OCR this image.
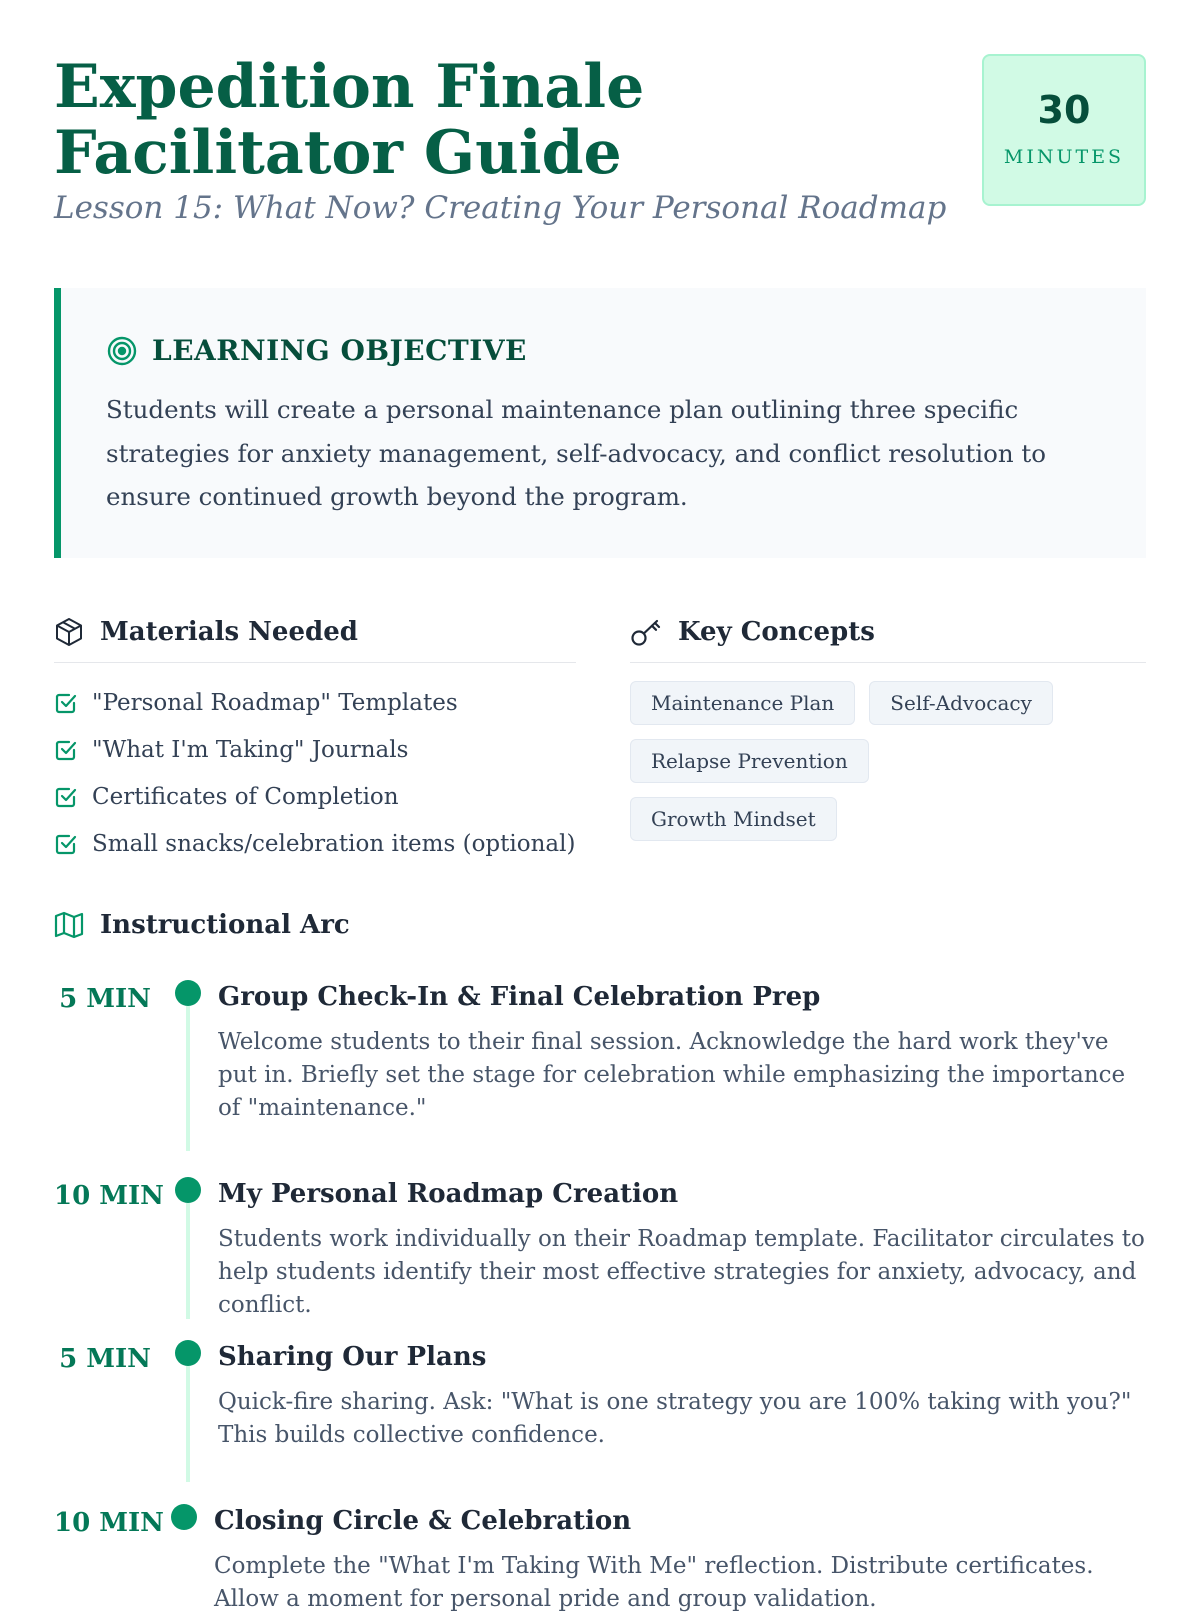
Expedition Finale Facilitator Guide
Lesson 15: What Now? Creating Your Personal Roadmap
30
MINUTES
LEARNING OBJECTIVE

Students will create a personal maintenance plan outlining three specific strategies for anxiety management, self-advocacy, and conflict resolution to ensure continued growth beyond the program.

Materials Needed
"Personal Roadmap" Templates
"What I'm Taking" Journals
Certificates of Completion
Small snacks/celebration items (optional)
Key Concepts
Maintenance Plan	Self-Advocacy
Relapse Prevention
Growth Mindset
Instructional Arc
5 MIN	Group Check-In & Final Celebration Prep

Welcome students to their final session. Acknowledge the hard work they've put in. Briefly set the stage for celebration while emphasizing the importance of "maintenance."

10 MIN My Personal Roadmap Creation

Students work individually on their Roadmap template. Facilitator circulates to help students identify their most effective strategies for anxiety, advocacy, and conflict.

5 MIN	Sharing Our Plans

Quick-fire sharing. Ask: "What is one strategy you are 100% taking with you?" This builds collective confidence.

10 MIN Closing Circle & Celebration

Complete the "What I'm Taking With Me" reflection. Distribute certificates. Allow a moment for personal pride and group validation.
